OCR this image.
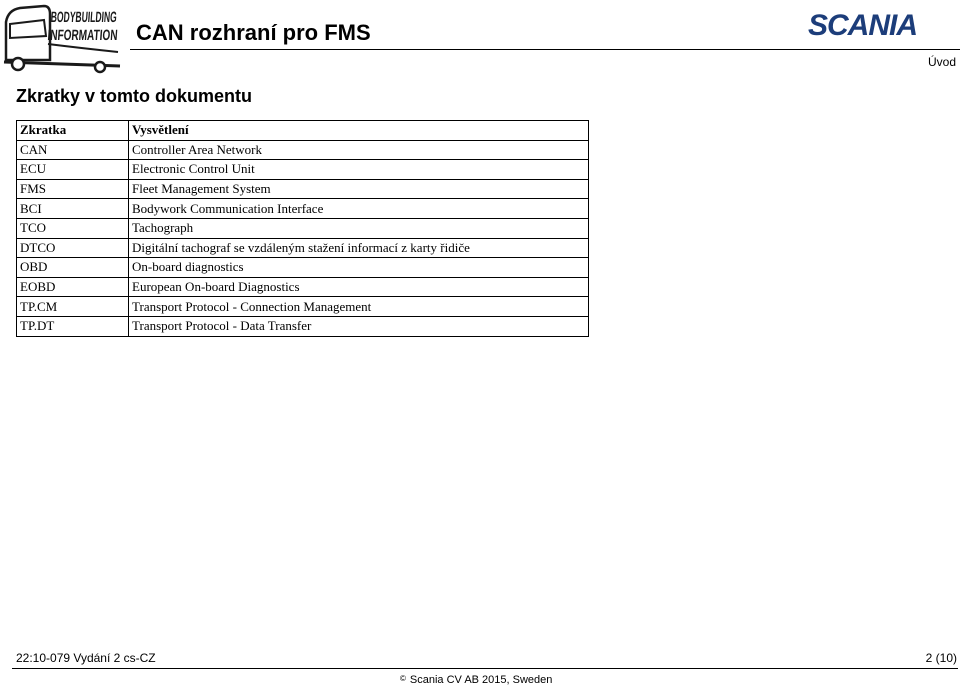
BODYBUILDING
INFORMATION
CAN rozhraní pro FMS	SCANIA
Úvod
Zkratky v tomto dokumentu
Zkratka	Vysvětlení
CAN	Controller Area Network
ECU	Electronic Control Unit
FMS	Fleet Management System
BCI	Bodywork Communication Interface
TCO	Tachograph
DTCO	Digitální tachograf se vzdáleným stažení informací z karty řidiče
OBD	On-board diagnostics
EOBD	European On-board Diagnostics
TP.CM	Transport Protocol - Connection Management
TP.DT	Transport Protocol - Data Transfer
22:10-079 Vydání 2 cs-CZ	2 (10)
© Scania CV AB 2015, Sweden
